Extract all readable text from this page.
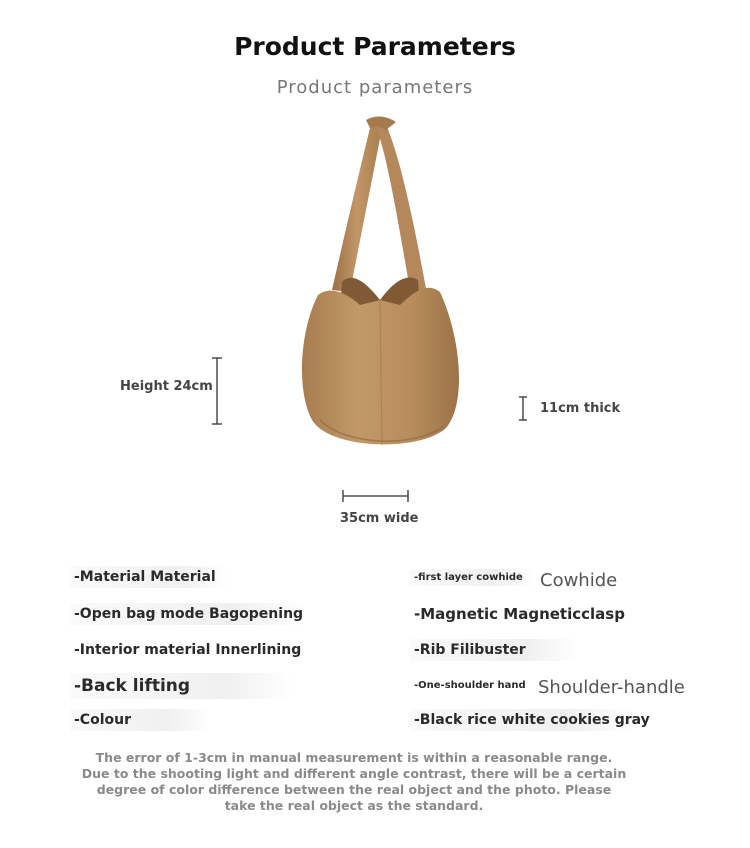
Product Parameters
Product parameters
Height 24cm
11cm thick
35cm wide
-Material Material	-first layer cowhide Cowhide
-Open bag mode Bagopening	-Magnetic Magneticclasp
-Interior material Innerlining	-Rib Filibuster
-Back lifting	-One-shoulder hand Shoulder-handle
-Colour	-Black rice white cookies gray
The error of 1-3cm in manual measurement is within a reasonable range. Due to the shooting light and different angle contrast, there will be a certain degree of color difference between the real object and the photo. Please take the real object as the standard.
